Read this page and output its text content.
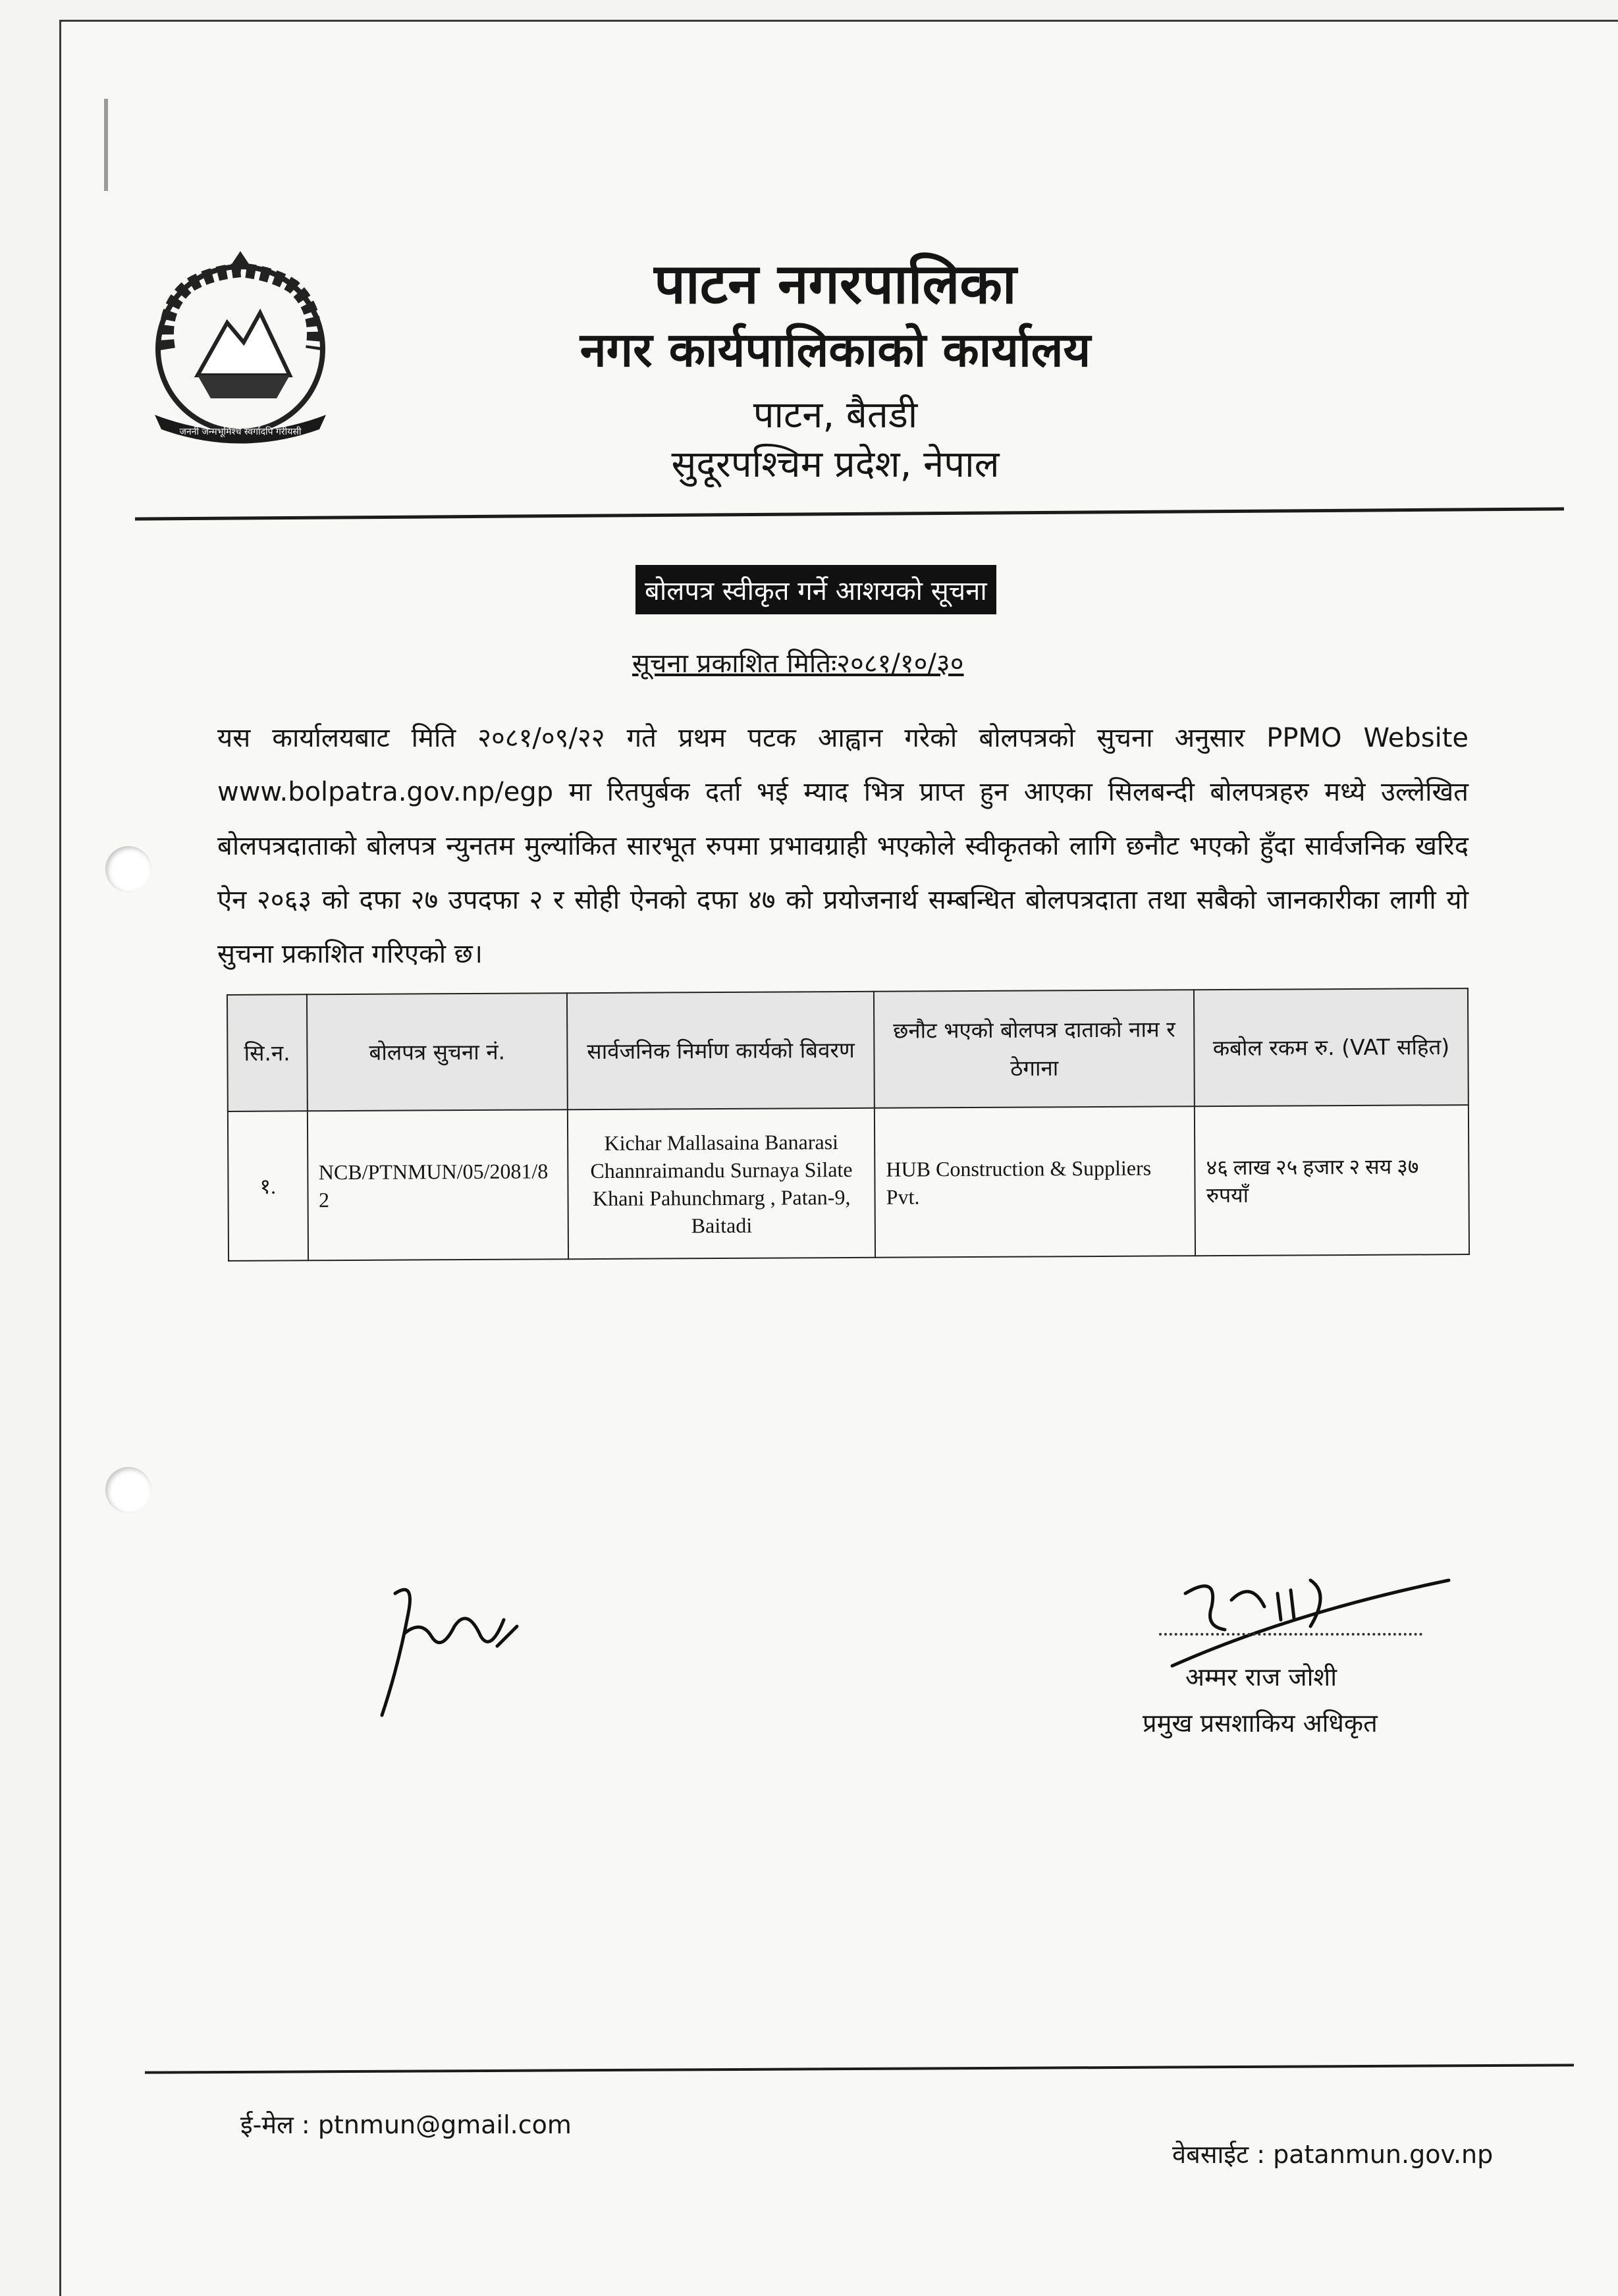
जननी जन्मभूमिश्च स्वर्गादपि गरीयसी
पाटन नगरपालिका
नगर कार्यपालिकाको कार्यालय
पाटन, बैतडी
सुदूरपश्चिम प्रदेश, नेपाल
बोलपत्र स्वीकृत गर्ने आशयको सूचना
सूचना प्रकाशित मितिः२०८१/१०/३०
यस कार्यालयबाट मिति २०८१/०९/२२ गते प्रथम पटक आह्वान गरेको बोलपत्रको सुचना अनुसार PPMO Website www.bolpatra.gov.np/egp मा रितपुर्बक दर्ता भई म्याद भित्र प्राप्त हुन आएका सिलबन्दी बोलपत्रहरु मध्ये उल्लेखित बोलपत्रदाताको बोलपत्र न्युनतम मुल्यांकित सारभूत रुपमा प्रभावग्राही भएकोले स्वीकृतको लागि छनौट भएको हुँदा सार्वजनिक खरिद ऐन २०६३ को दफा २७ उपदफा २ र सोही ऐनको दफा ४७ को प्रयोजनार्थ सम्बन्धित बोलपत्रदाता तथा सबैको जानकारीका लागी यो सुचना प्रकाशित गरिएको छ।
सि.न.	बोलपत्र सुचना नं.	सार्वजनिक निर्माण कार्यको बिवरण	छनौट भएको बोलपत्र दाताको नाम र ठेगाना	कबोल रकम रु. (VAT सहित)
१.	NCB/PTNMUN/05/2081/82	Kichar Mallasaina Banarasi Channraimandu Surnaya Silate Khani Pahunchmarg , Patan-9, Baitadi	HUB Construction & Suppliers Pvt.	४६ लाख २५ हजार २ सय ३७ रुपयाँ
अम्मर राज जोशी
प्रमुख प्रसशाकिय अधिकृत
ई-मेल : ptnmun@gmail.com
वेबसाईट : patanmun.gov.np
